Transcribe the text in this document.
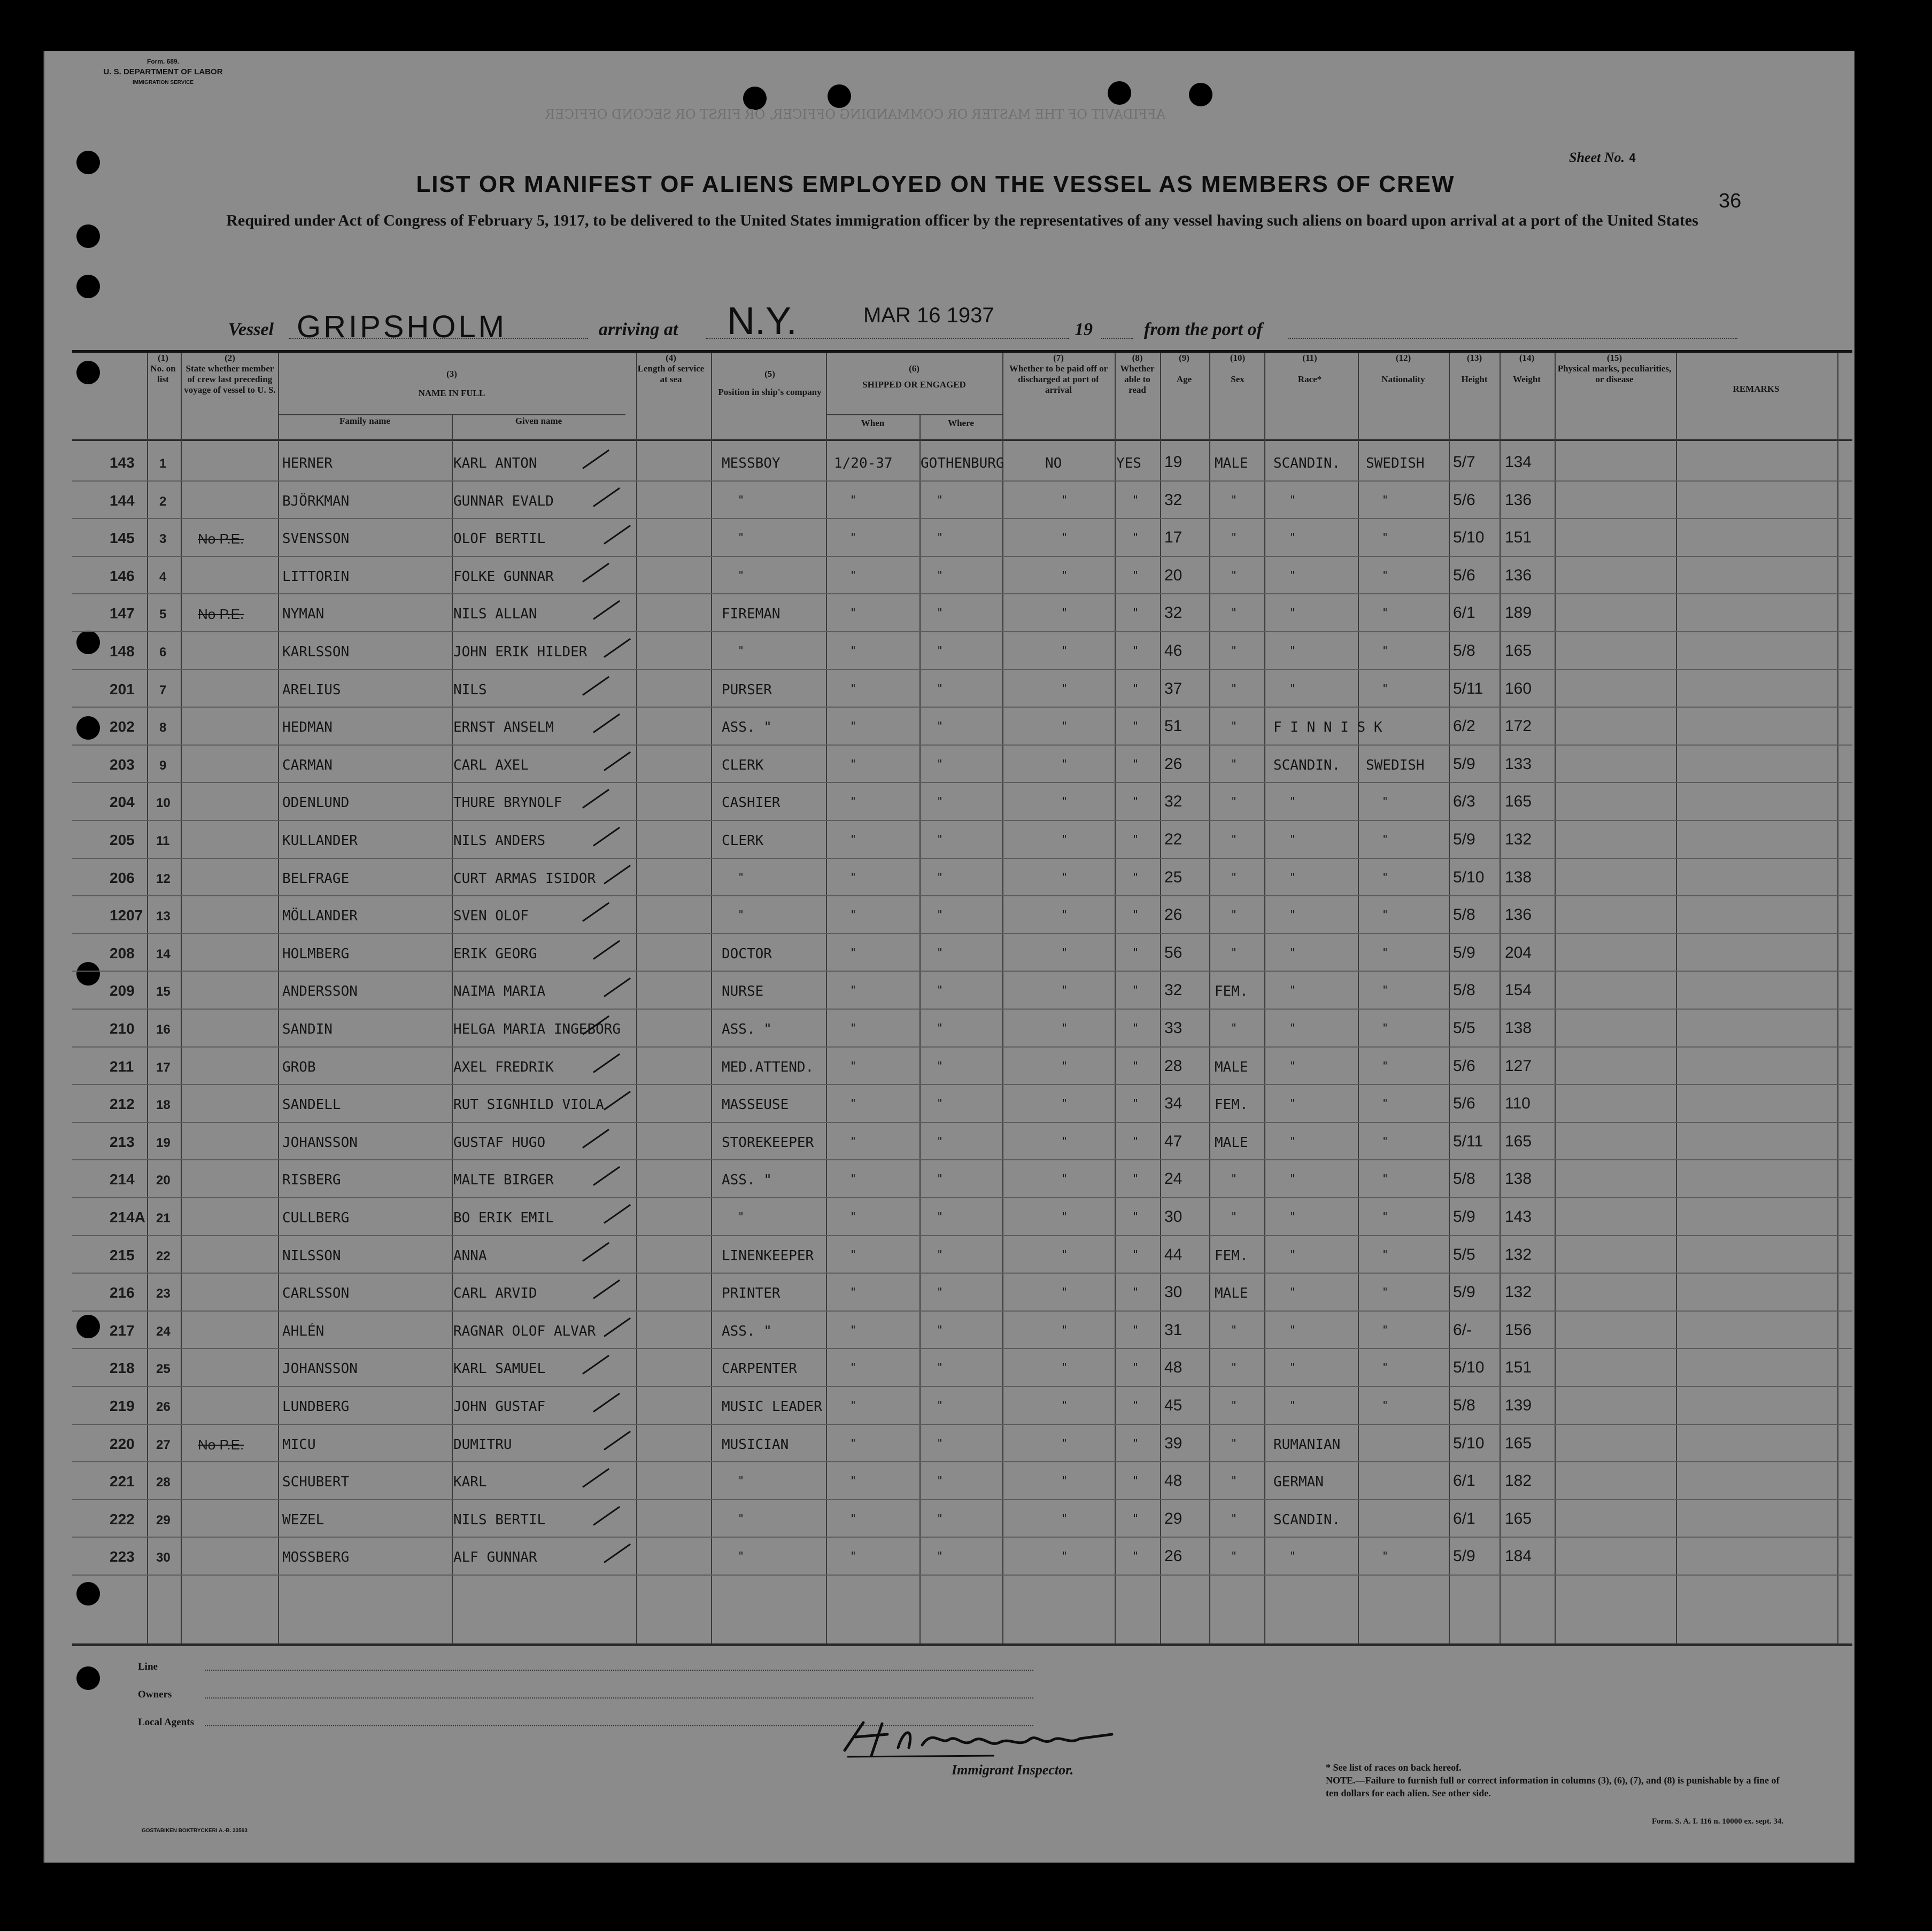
Form. 689.
U. S. DEPARTMENT OF LABOR
IMMIGRATION SERVICE
AFFIDAVIT OF THE MASTER OR COMMANDING OFFICER, OR FIRST OR SECOND OFFICER
Sheet No. 4
36
LIST OR MANIFEST OF ALIENS EMPLOYED ON THE VESSEL AS MEMBERS OF CREW
Required under Act of Congress of February 5, 1917, to be delivered to the United States immigration officer by the representatives of any vessel having such aliens on board upon arrival at a port of the United States
Vessel GRIPSHOLM	arriving at N.Y.	MAR 16 1937
19	from the port of
(1)
No. on list
(2)
State whether member of crew last preceding voyage of vessel to U. S.
(3)
NAME IN FULL
Family name	Given name
(4)
Length of service at sea
(5)
Position in ship's company
(6)
SHIPPED OR ENGAGED
When	Where
(7)
Whether to be paid off or discharged at port of arrival
(8)
Whether able to read
(9)
Age
(10)
Sex
(11)
Race*
(12)
Nationality
(13)
Height
(14)
Weight
(15)
Physical marks, peculiarities, or disease
REMARKS
143 1	HERNER	KARL ANTON	MESSBOY	1/20-37 GOTHENBURG	NO	YES 19 MALE SCANDIN. SWEDISH 5/7 134
144 2	BJÖRKMAN	GUNNAR EVALD	"	"	"	"	" 32	"	"	"	5/6 136
145 3 No P.E.	SVENSSON	OLOF BERTIL	"	"	"	"	" 17	"	"	"	5/10 151
146 4	LITTORIN	FOLKE GUNNAR	"	"	"	"	" 20	"	"	"	5/6 136
147 5 No P.E.	NYMAN	NILS ALLAN	FIREMAN	"	"	"	" 32	"	"	"	6/1 189
148 6	KARLSSON	JOHN ERIK HILDER	"	"	"	"	" 46	"	"	"	5/8 165
201 7	ARELIUS	NILS	PURSER	"	"	"	" 37	"	"	"	5/11 160
202 8	HEDMAN	ERNST ANSELM	ASS. "	"	"	"	" 51	"	F I N N I S K	6/2 172
203 9	CARMAN	CARL AXEL	CLERK	"	"	"	" 26	"	SCANDIN. SWEDISH 5/9 133
204 10	ODENLUND	THURE BRYNOLF	CASHIER	"	"	"	" 32	"	"	"	6/3 165
205 11	KULLANDER	NILS ANDERS	CLERK	"	"	"	" 22	"	"	"	5/9 132
206 12	BELFRAGE	CURT ARMAS ISIDOR	"	"	"	"	" 25	"	"	"	5/10 138
1207 13	MÖLLANDER	SVEN OLOF	"	"	"	"	" 26	"	"	"	5/8 136
208 14	HOLMBERG	ERIK GEORG	DOCTOR	"	"	"	" 56	"	"	"	5/9 204
209 15	ANDERSSON	NAIMA MARIA	NURSE	"	"	"	" 32 FEM.	"	"	5/8 154
210 16	SANDIN	HELGA MARIA INGEBORG	ASS. "	"	"	"	" 33	"	"	"	5/5 138
211 17	GROB	AXEL FREDRIK	MED.ATTEND.	"	"	"	" 28 MALE	"	"	5/6 127
212 18	SANDELL	RUT SIGNHILD VIOLA	MASSEUSE	"	"	"	" 34 FEM.	"	"	5/6 110
213 19	JOHANSSON	GUSTAF HUGO	STOREKEEPER	"	"	"	" 47 MALE	"	"	5/11 165
214 20	RISBERG	MALTE BIRGER	ASS. "	"	"	"	" 24	"	"	"	5/8 138
214A 21	CULLBERG	BO ERIK EMIL	"	"	"	"	" 30	"	"	"	5/9 143
215 22	NILSSON	ANNA	LINENKEEPER	"	"	"	" 44 FEM.	"	"	5/5 132
216 23	CARLSSON	CARL ARVID	PRINTER	"	"	"	" 30 MALE	"	"	5/9 132
217 24	AHLÉN	RAGNAR OLOF ALVAR	ASS. "	"	"	"	" 31	"	"	"	6/- 156
218 25	JOHANSSON	KARL SAMUEL	CARPENTER	"	"	"	" 48	"	"	"	5/10 151
219 26	LUNDBERG	JOHN GUSTAF	MUSIC LEADER	"	"	"	" 45	"	"	"	5/8 139
220 27 No P.E.	MICU	DUMITRU	MUSICIAN	"	"	"	" 39	"	RUMANIAN	5/10 165
221 28	SCHUBERT	KARL	"	"	"	"	" 48	"	GERMAN	6/1 182
222 29	WEZEL	NILS BERTIL	"	"	"	"	" 29	"	SCANDIN.	6/1 165
223 30	MOSSBERG	ALF GUNNAR	"	"	"	"	" 26	"	"	"	5/9 184
Line
Owners
Local Agents
Immigrant Inspector.	* See list of races on back hereof.
NOTE.—Failure to furnish full or correct information in columns (3), (6), (7), and (8) is punishable by a fine of ten dollars for each alien. See other side.
Form. S. A. I. 116 n. 10000 ex. sept. 34.
GOSTABIKEN BOKTRYCKERI A.-B. 33593
